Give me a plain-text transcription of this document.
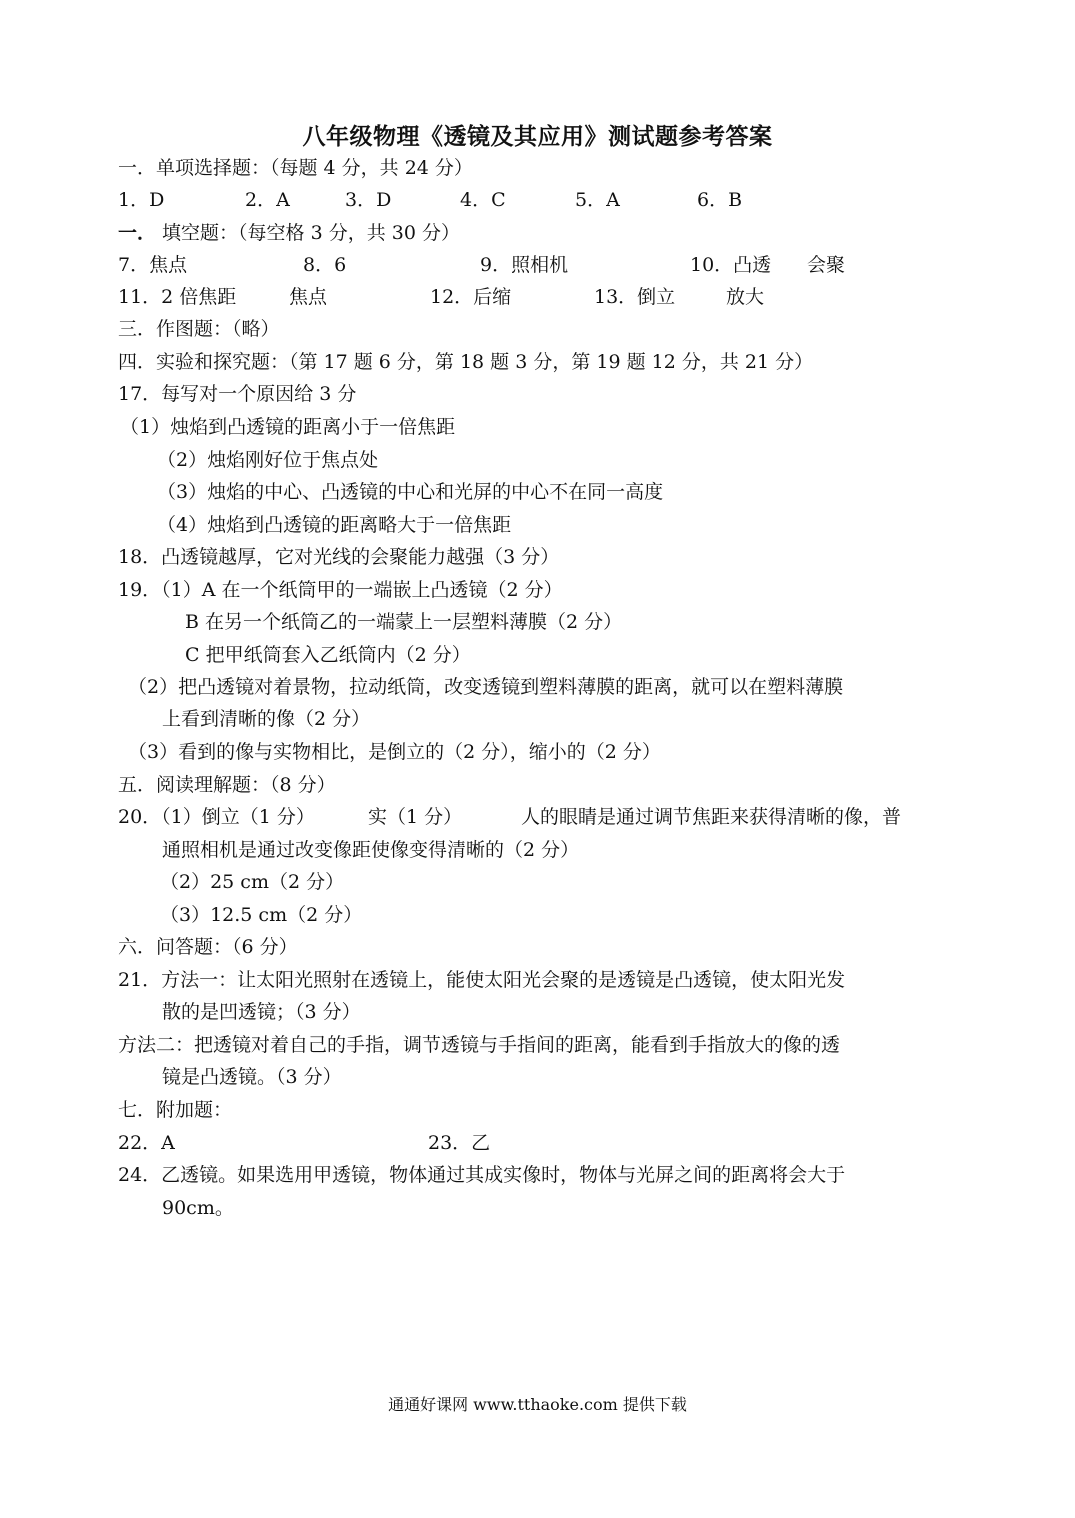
八年级物理《透镜及其应用》测试题参考答案
一．单项选择题：（每题 4 分，共 24 分）
1．D	2．A	3．D	4．C	5．A	6．B
一． 填空题：（每空格 3 分，共 30 分）
7．焦点	8．6	9．照相机	10．凸透 会聚
11．2 倍焦距	焦点	12．后缩	13．倒立	放大
三．作图题：（略）
四．实验和探究题：（第 17 题 6 分，第 18 题 3 分，第 19 题 12 分，共 21 分）
17．每写对一个原因给 3 分
（1）烛焰到凸透镜的距离小于一倍焦距
（2）烛焰刚好位于焦点处
（3）烛焰的中心、凸透镜的中心和光屏的中心不在同一高度
（4）烛焰到凸透镜的距离略大于一倍焦距
18．凸透镜越厚，它对光线的会聚能力越强（3 分）
19．（1）A 在一个纸筒甲的一端嵌上凸透镜（2 分）
B 在另一个纸筒乙的一端蒙上一层塑料薄膜（2 分）
C 把甲纸筒套入乙纸筒内（2 分）
（2）把凸透镜对着景物，拉动纸筒，改变透镜到塑料薄膜的距离，就可以在塑料薄膜
上看到清晰的像（2 分）
（3）看到的像与实物相比，是倒立的（2 分），缩小的（2 分）
五．阅读理解题：（8 分）
20．（1）倒立（1 分）	实（1 分）	人的眼睛是通过调节焦距来获得清晰的像，普
通照相机是通过改变像距使像变得清晰的（2 分）
（2）25 cm（2 分）
（3）12.5 cm（2 分）
六．问答题：（6 分）
21．方法一：让太阳光照射在透镜上，能使太阳光会聚的是透镜是凸透镜，使太阳光发
散的是凹透镜；（3 分）
方法二：把透镜对着自己的手指，调节透镜与手指间的距离，能看到手指放大的像的透
镜是凸透镜。（3 分）
七．附加题：
22．A	23．乙
24．乙透镜。如果选用甲透镜，物体通过其成实像时，物体与光屏之间的距离将会大于
90cm。
通通好课网 www.tthaoke.com 提供下载
